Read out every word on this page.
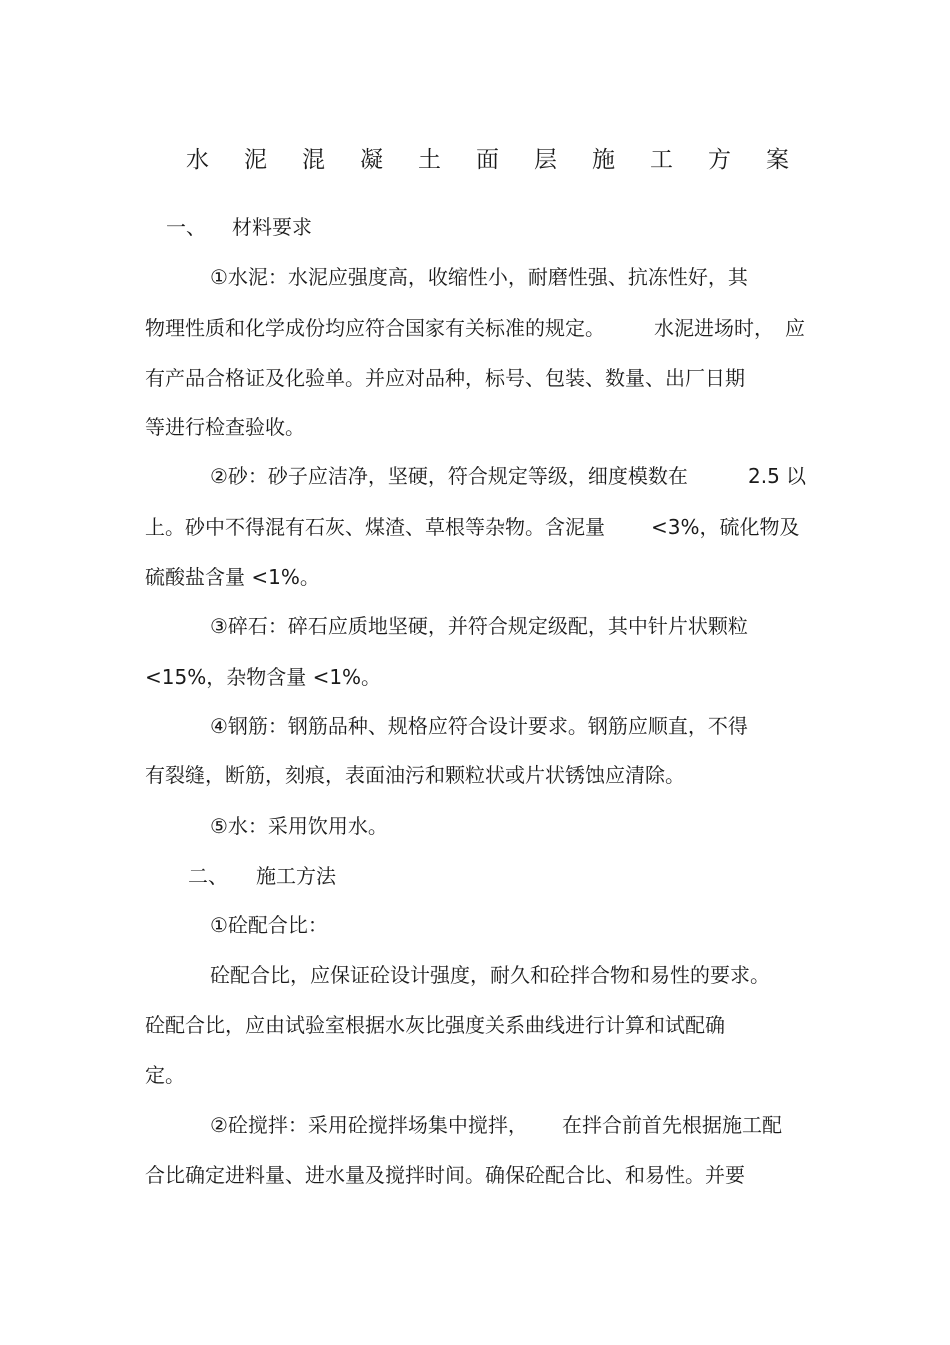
水 泥 混 凝 土 面 层 施 工 方 案
一、 材料要求
①水泥：水泥应强度高，收缩性小，耐磨性强、抗冻性好，其
物理性质和化学成份均应符合国家有关标准的规定。 水泥进场时， 应
有产品合格证及化验单。并应对品种，标号、包装、数量、出厂日期
等进行检查验收。
②砂：砂子应洁净，坚硬，符合规定等级，细度模数在	2.5 以
上。砂中不得混有石灰、煤渣、草根等杂物。含泥量 <3%，硫化物及
硫酸盐含量 <1%。
③碎石：碎石应质地坚硬，并符合规定级配，其中针片状颗粒
<15%，杂物含量 <1%。
④钢筋：钢筋品种、规格应符合设计要求。钢筋应顺直，不得
有裂缝，断筋，刻痕，表面油污和颗粒状或片状锈蚀应清除。
⑤水：采用饮用水。
二、 施工方法
①砼配合比：
砼配合比，应保证砼设计强度，耐久和砼拌合物和易性的要求。
砼配合比，应由试验室根据水灰比强度关系曲线进行计算和试配确
定。
②砼搅拌：采用砼搅拌场集中搅拌， 在拌合前首先根据施工配
合比确定进料量、进水量及搅拌时间。确保砼配合比、和易性。并要
